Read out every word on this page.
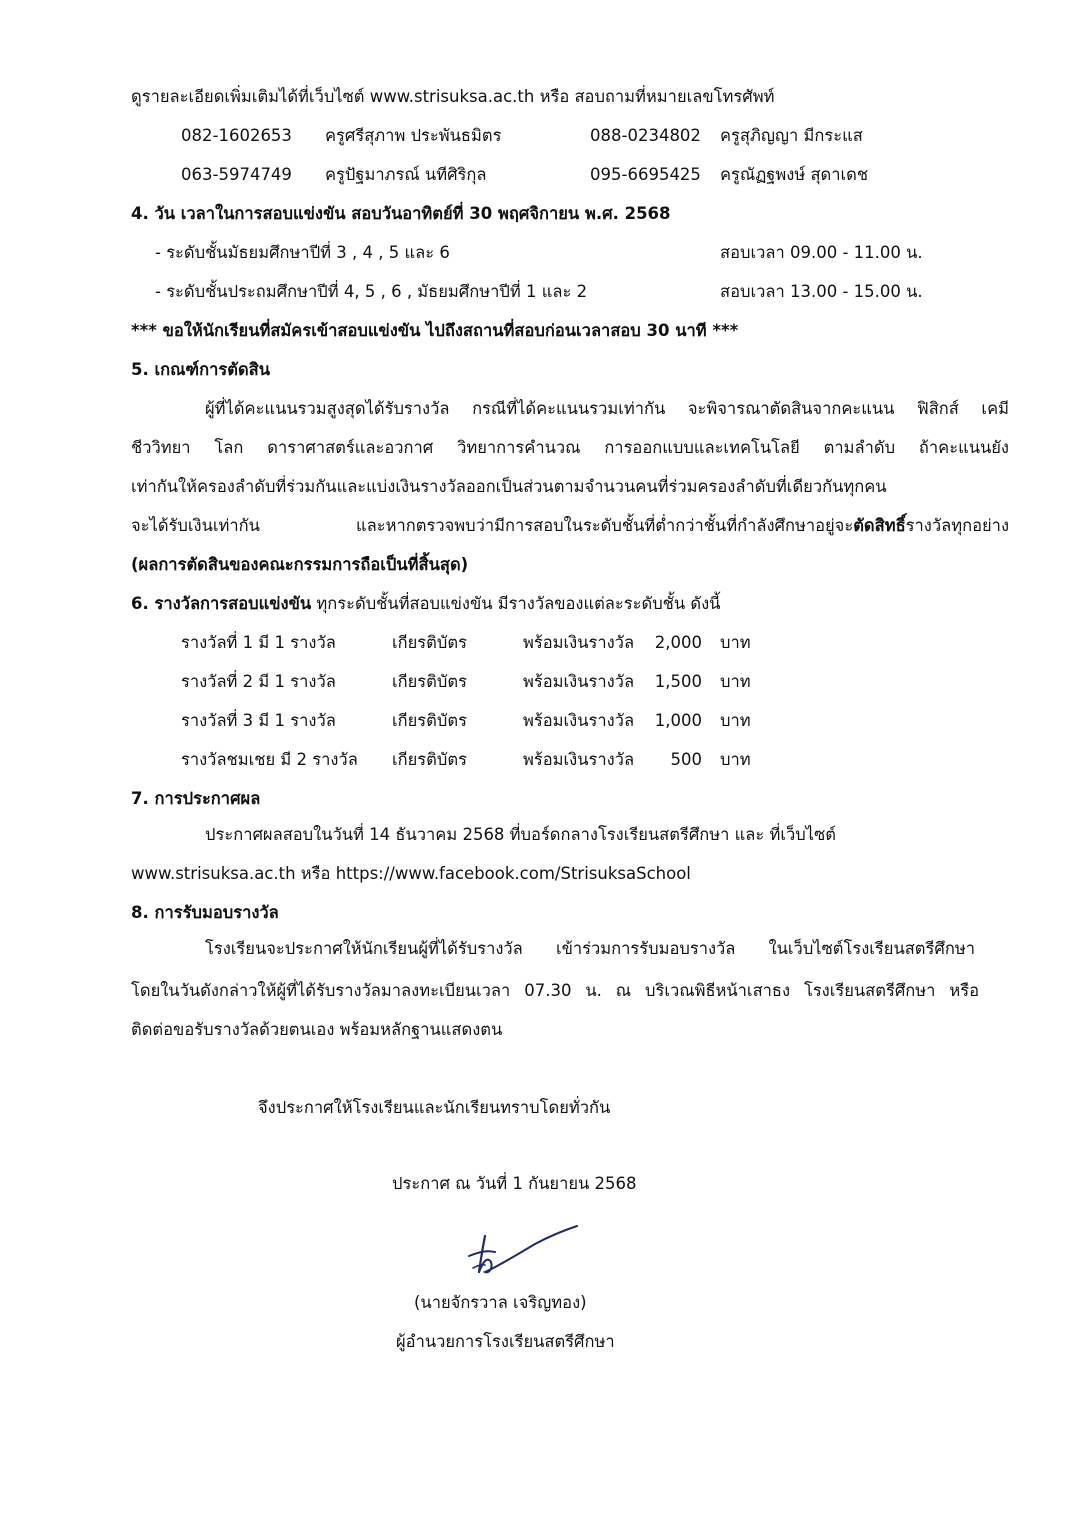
ดูรายละเอียดเพิ่มเติมได้ที่เว็บไซต์ www.strisuksa.ac.th หรือ สอบถามที่หมายเลขโทรศัพท์
082-1602653 ครูศรีสุภาพ ประพันธมิตร	088-0234802 ครูสุภิญญา มีกระแส
063-5974749 ครูปัฐมาภรณ์ นทีศิริกุล	095-6695425 ครูณัฏฐพงษ์ สุดาเดช
4. วัน เวลาในการสอบแข่งขัน สอบวันอาทิตย์ที่ 30 พฤศจิกายน พ.ศ. 2568
- ระดับชั้นมัธยมศึกษาปีที่ 3 , 4 , 5 และ 6	สอบเวลา 09.00 - 11.00 น.
- ระดับชั้นประถมศึกษาปีที่ 4, 5 , 6 , มัธยมศึกษาปีที่ 1 และ 2	สอบเวลา 13.00 - 15.00 น.
*** ขอให้นักเรียนที่สมัครเข้าสอบแข่งขัน ไปถึงสถานที่สอบก่อนเวลาสอบ 30 นาที ***
5. เกณฑ์การตัดสิน
ผู้ที่ได้คะแนนรวมสูงสุดได้รับรางวัล กรณีที่ได้คะแนนรวมเท่ากัน จะพิจารณาตัดสินจากคะแนน ฟิสิกส์ เคมี
ชีววิทยา โลก ดาราศาสตร์และอวกาศ วิทยาการคำนวณ การออกแบบและเทคโนโลยี ตามลำดับ ถ้าคะแนนยัง
เท่ากันให้ครองลำดับที่ร่วมกันและแบ่งเงินรางวัลออกเป็นส่วนตามจำนวนคนที่ร่วมครองลำดับที่เดียวกันทุกคน
จะได้รับเงินเท่ากัน และหากตรวจพบว่ามีการสอบในระดับชั้นที่ต่ำกว่าชั้นที่กำลังศึกษาอยู่จะตัดสิทธิ์รางวัลทุกอย่าง
(ผลการตัดสินของคณะกรรมการถือเป็นที่สิ้นสุด)
6. รางวัลการสอบแข่งขัน ทุกระดับชั้นที่สอบแข่งขัน มีรางวัลของแต่ละระดับชั้น ดังนี้
รางวัลที่ 1 มี 1 รางวัล	เกียรติบัตร	พร้อมเงินรางวัล	2,000 บาท
รางวัลที่ 2 มี 1 รางวัล	เกียรติบัตร	พร้อมเงินรางวัล	1,500 บาท
รางวัลที่ 3 มี 1 รางวัล	เกียรติบัตร	พร้อมเงินรางวัล	1,000 บาท
รางวัลชมเชย มี 2 รางวัล เกียรติบัตร	พร้อมเงินรางวัล	500 บาท
7. การประกาศผล
ประกาศผลสอบในวันที่ 14 ธันวาคม 2568 ที่บอร์ดกลางโรงเรียนสตรีศึกษา และ ที่เว็บไซต์
www.strisuksa.ac.th หรือ https://www.facebook.com/StrisuksaSchool
8. การรับมอบรางวัล
โรงเรียนจะประกาศให้นักเรียนผู้ที่ได้รับรางวัล เข้าร่วมการรับมอบรางวัล ในเว็บไซต์โรงเรียนสตรีศึกษา
โดยในวันดังกล่าวให้ผู้ที่ได้รับรางวัลมาลงทะเบียนเวลา 07.30 น. ณ บริเวณพิธีหน้าเสาธง โรงเรียนสตรีศึกษา หรือ
ติดต่อขอรับรางวัลด้วยตนเอง พร้อมหลักฐานแสดงตน
จึงประกาศให้โรงเรียนและนักเรียนทราบโดยทั่วกัน
ประกาศ ณ วันที่ 1 กันยายน 2568
(นายจักรวาล เจริญทอง)
ผู้อำนวยการโรงเรียนสตรีศึกษา
